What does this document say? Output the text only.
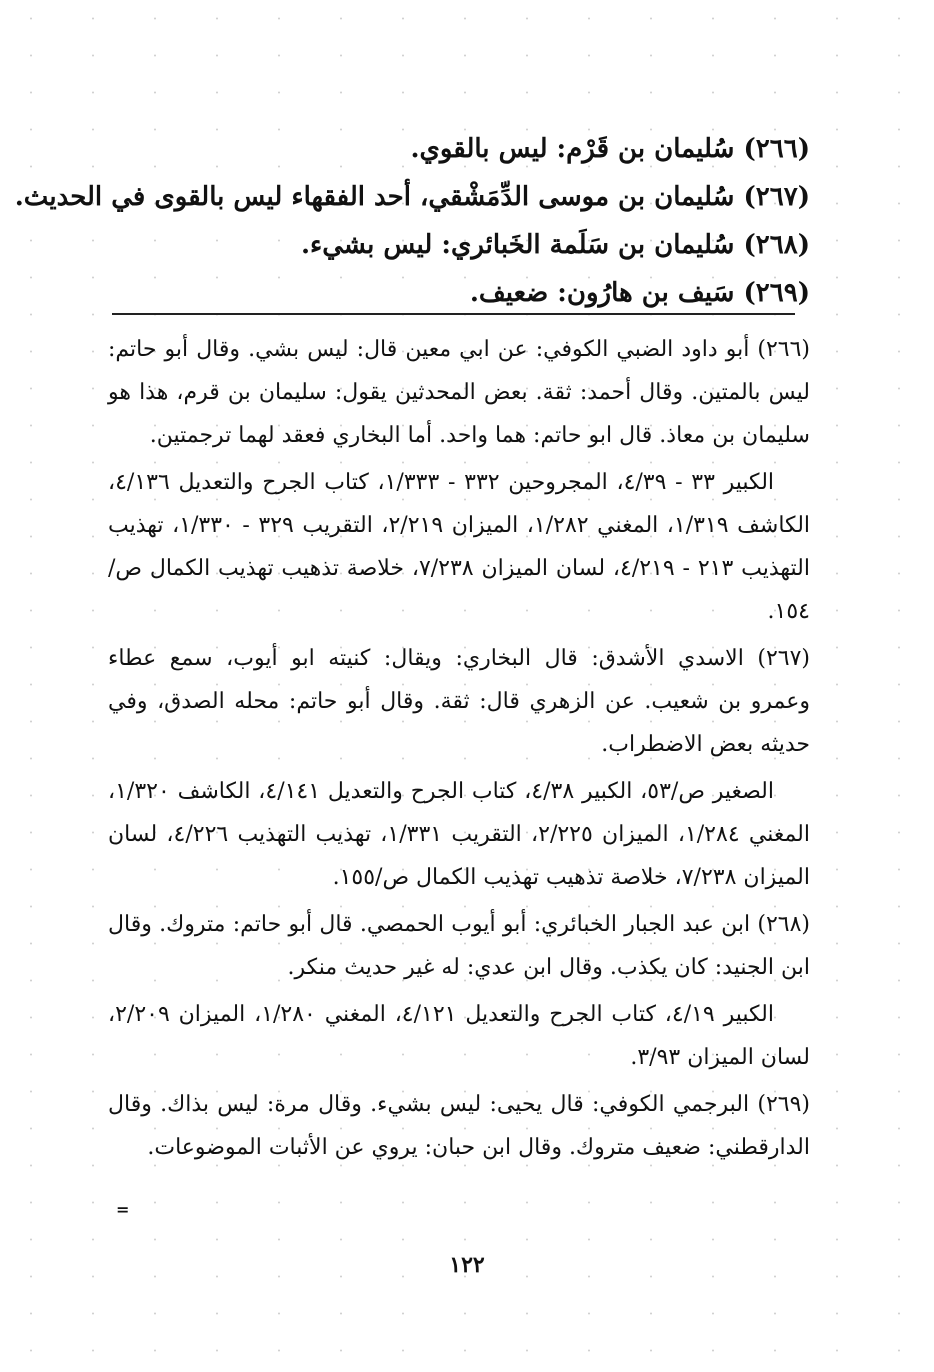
(٢٦٦) سُليمان بن قَرْم: ليس بالقوي.
(٢٦٧) سُليمان بن موسى الدِّمَشْقي، أحد الفقهاء ليس بالقوى في الحديث.
(٢٦٨) سُليمان بن سَلَمة الخَبائري: ليس بشيء.
(٢٦٩) سَيف بن هارُون: ضعيف.

(٢٦٦) أبو داود الضبي الكوفي: عن ابي معين قال: ليس بشي. وقال أبو حاتم: ليس بالمتين. وقال أحمد: ثقة. بعض المحدثين يقول: سليمان بن قرم، هذا هو سليمان بن معاذ. قال ابو حاتم: هما واحد. أما البخاري فعقد لهما ترجمتين.

الكبير ٣٣ - ٤/٣٩، المجروحين ٣٣٢ - ١/٣٣٣، كتاب الجرح والتعديل ٤/١٣٦، الكاشف ١/٣١٩، المغني ١/٢٨٢، الميزان ٢/٢١٩، التقريب ٣٢٩ - ١/٣٣٠، تهذيب التهذيب ٢١٣ - ٤/٢١٩، لسان الميزان ٧/٢٣٨، خلاصة تذهيب تهذيب الكمال ص/١٥٤.

(٢٦٧) الاسدي الأشدق: قال البخاري: ويقال: كنيته ابو أيوب، سمع عطاء وعمرو بن شعيب. عن الزهري قال: ثقة. وقال أبو حاتم: محله الصدق، وفي حديثه بعض الاضطراب.

الصغير ص/٥٣، الكبير ٤/٣٨، كتاب الجرح والتعديل ٤/١٤١، الكاشف ١/٣٢٠، المغني ١/٢٨٤، الميزان ٢/٢٢٥، التقريب ١/٣٣١، تهذيب التهذيب ٤/٢٢٦، لسان الميزان ٧/٢٣٨، خلاصة تذهيب تهذيب الكمال ص/١٥٥.

(٢٦٨) ابن عبد الجبار الخبائري: أبو أيوب الحمصي. قال أبو حاتم: متروك. وقال ابن الجنيد: كان يكذب. وقال ابن عدي: له غير حديث منكر.

الكبير ٤/١٩، كتاب الجرح والتعديل ٤/١٢١، المغني ١/٢٨٠، الميزان ٢/٢٠٩، لسان الميزان ٣/٩٣.

(٢٦٩) البرجمي الكوفي: قال يحيى: ليس بشيء. وقال مرة: ليس بذاك. وقال الدارقطني: ضعيف متروك. وقال ابن حبان: يروي عن الأثبات الموضوعات.

=
١٢٢
